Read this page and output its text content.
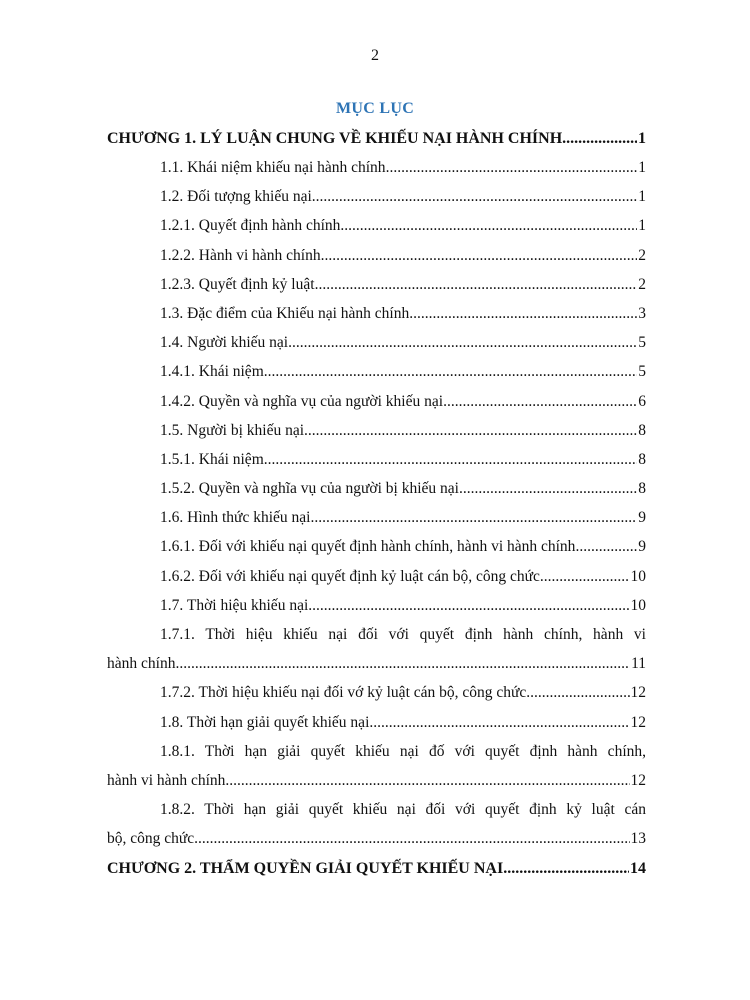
2
MỤC LỤC
CHƯƠNG 1. LÝ LUẬN CHUNG VỀ KHIẾU NẠI HÀNH CHÍNH .....	1
1.1. Khái niệm khiếu nại hành chính .....	1
1.2. Đối tượng khiếu nại .....	1
1.2.1. Quyết định hành chính .....	1
1.2.2. Hành vi hành chính .....	2
1.2.3. Quyết định kỷ luật .....	2
1.3. Đặc điểm của Khiếu nại hành chính .....	3
1.4. Người khiếu nại .....	5
1.4.1. Khái niệm .....	5
1.4.2. Quyền và nghĩa vụ của người khiếu nại .....	6
1.5. Người bị khiếu nại .....	8
1.5.1. Khái niệm .....	8
1.5.2. Quyền và nghĩa vụ của người bị khiếu nại .....	8
1.6. Hình thức khiếu nại .....	9
1.6.1. Đối với khiếu nại quyết định hành chính, hành vi hành chính .....	9
1.6.2. Đối với khiếu nại quyết định kỷ luật cán bộ, công chức .....	10
1.7. Thời hiệu khiếu nại .....	10
1.7.1. Thời hiệu khiếu nại đối với quyết định hành chính, hành vi
hành chính .....	11
1.7.2. Thời hiệu khiếu nại đối vớ kỷ luật cán bộ, công chức .....	12
1.8. Thời hạn giải quyết khiếu nại .....	12
1.8.1. Thời hạn giải quyết khiếu nại đố với quyết định hành chính,
hành vi hành chính .....	12
1.8.2. Thời hạn giải quyết khiếu nại đối với quyết định kỷ luật cán
bộ, công chức .....	13
CHƯƠNG 2. THẨM QUYỀN GIẢI QUYẾT KHIẾU NẠI .....	14
